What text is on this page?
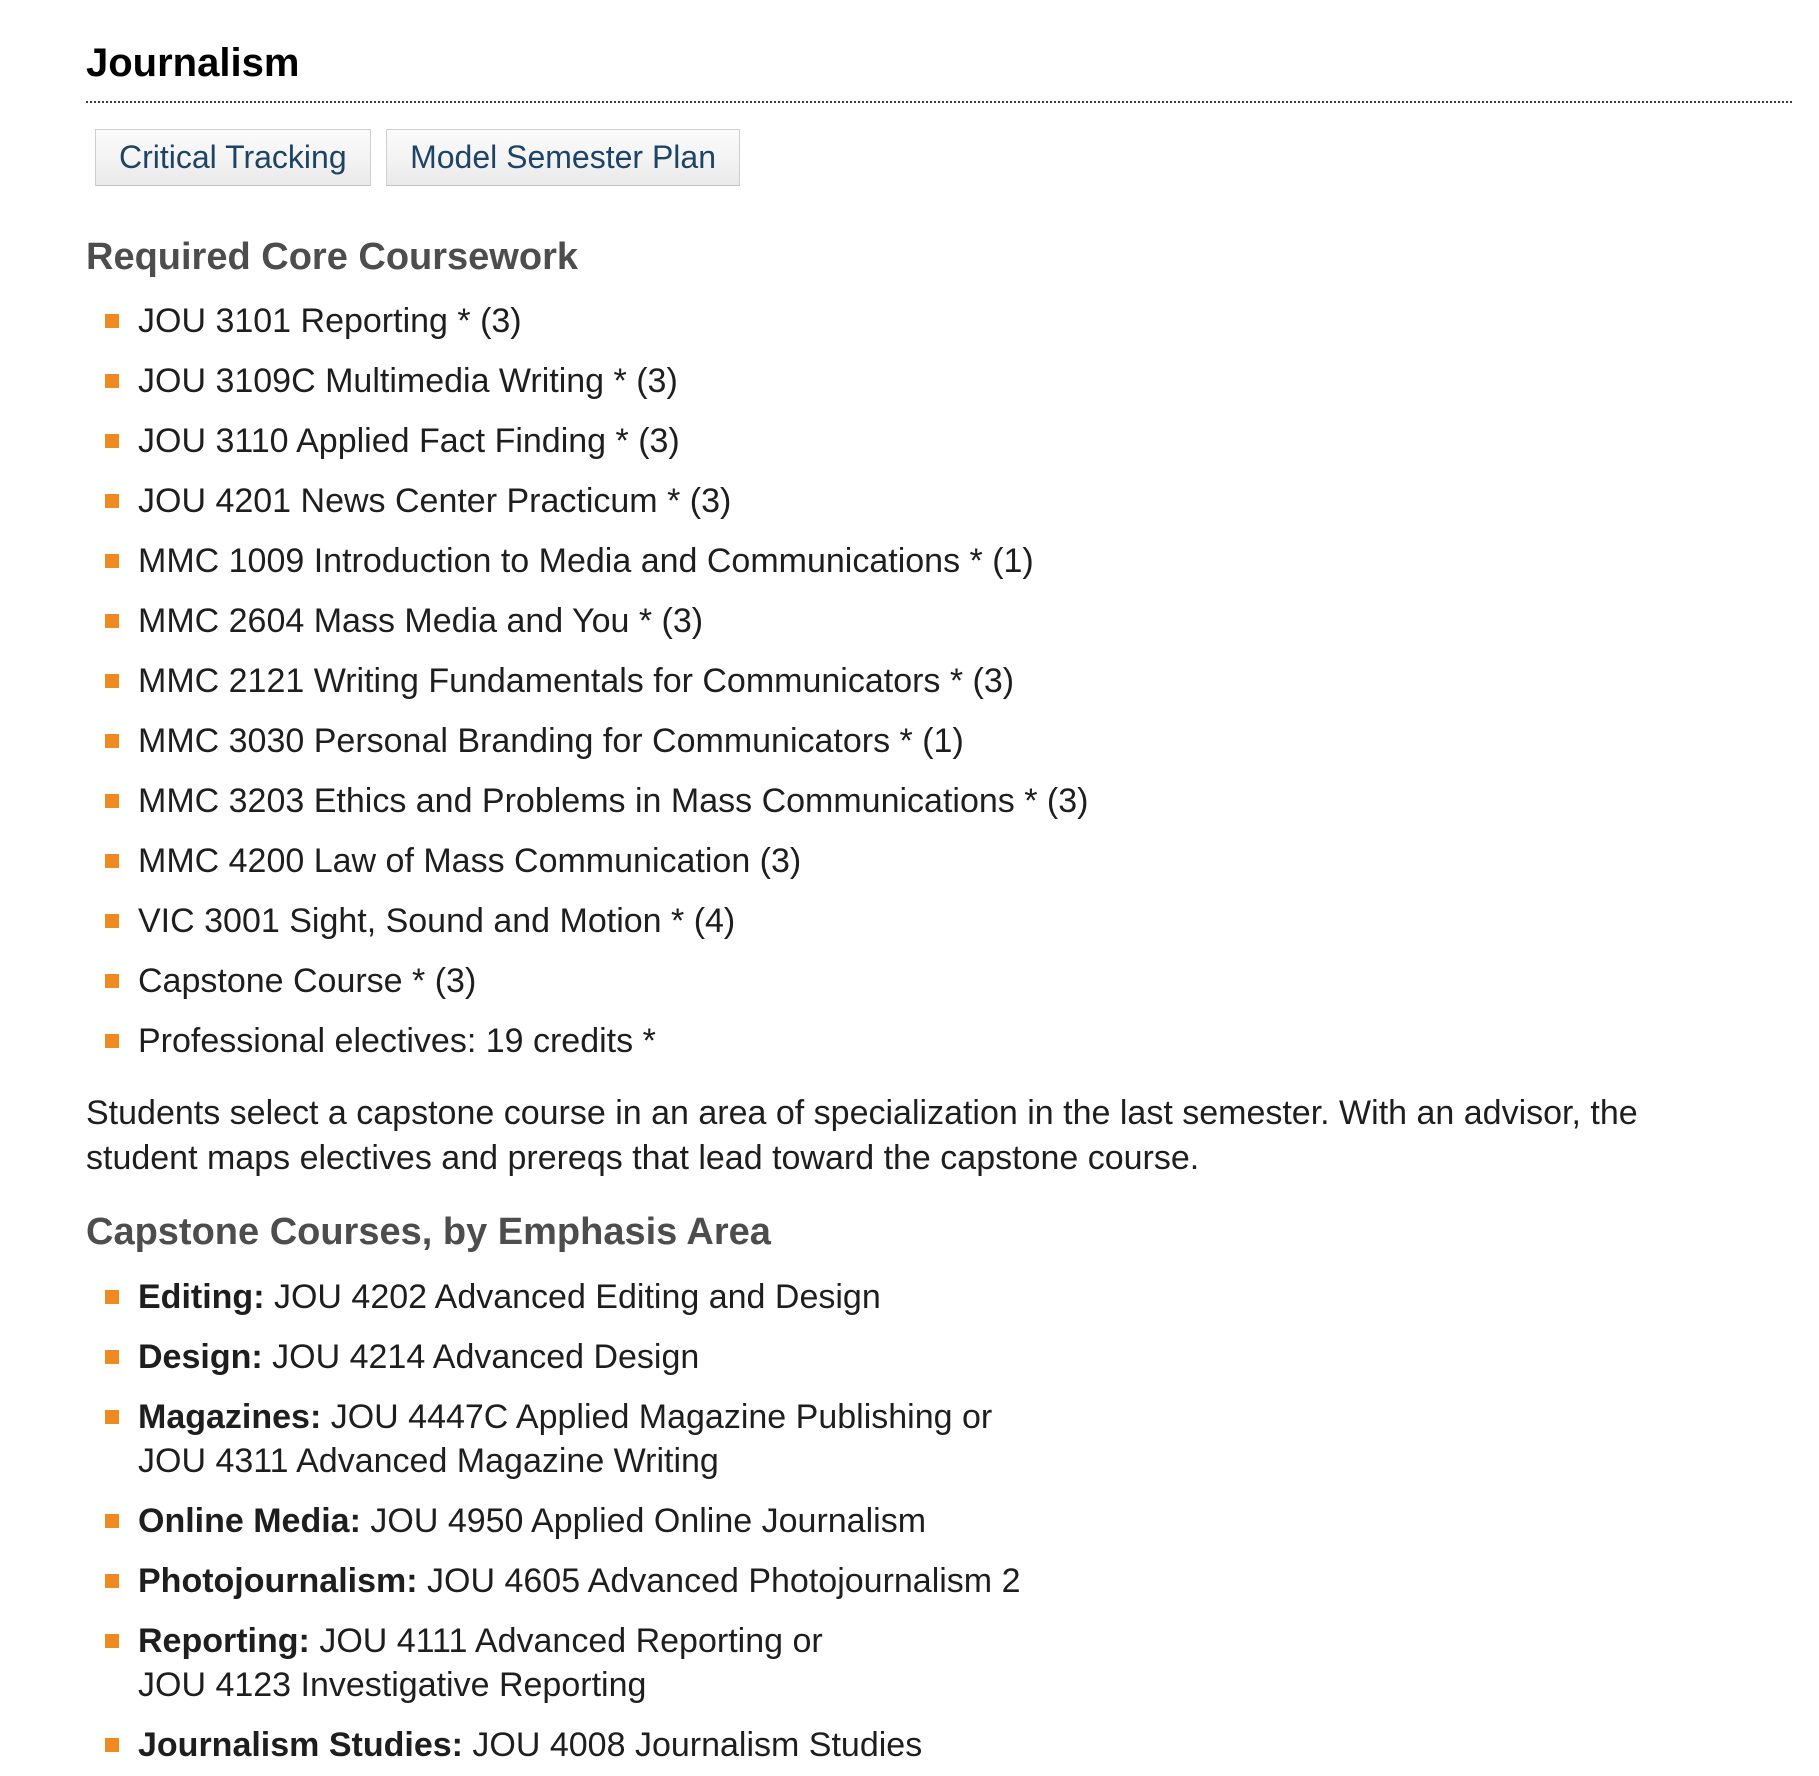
Journalism
Critical Tracking Model Semester Plan
Required Core Coursework
JOU 3101 Reporting * (3)
JOU 3109C Multimedia Writing * (3)
JOU 3110 Applied Fact Finding * (3)
JOU 4201 News Center Practicum * (3)
MMC 1009 Introduction to Media and Communications * (1)
MMC 2604 Mass Media and You * (3)
MMC 2121 Writing Fundamentals for Communicators * (3)
MMC 3030 Personal Branding for Communicators * (1)
MMC 3203 Ethics and Problems in Mass Communications * (3)
MMC 4200 Law of Mass Communication (3)
VIC 3001 Sight, Sound and Motion * (4)
Capstone Course * (3)
Professional electives: 19 credits *

Students select a capstone course in an area of specialization in the last semester. With an advisor, the student maps electives and prereqs that lead toward the capstone course.

Capstone Courses, by Emphasis Area
Editing: JOU 4202 Advanced Editing and Design
Design: JOU 4214 Advanced Design
Magazines: JOU 4447C Applied Magazine Publishing or
JOU 4311 Advanced Magazine Writing
Online Media: JOU 4950 Applied Online Journalism
Photojournalism: JOU 4605 Advanced Photojournalism 2
Reporting: JOU 4111 Advanced Reporting or
JOU 4123 Investigative Reporting
Journalism Studies: JOU 4008 Journalism Studies
